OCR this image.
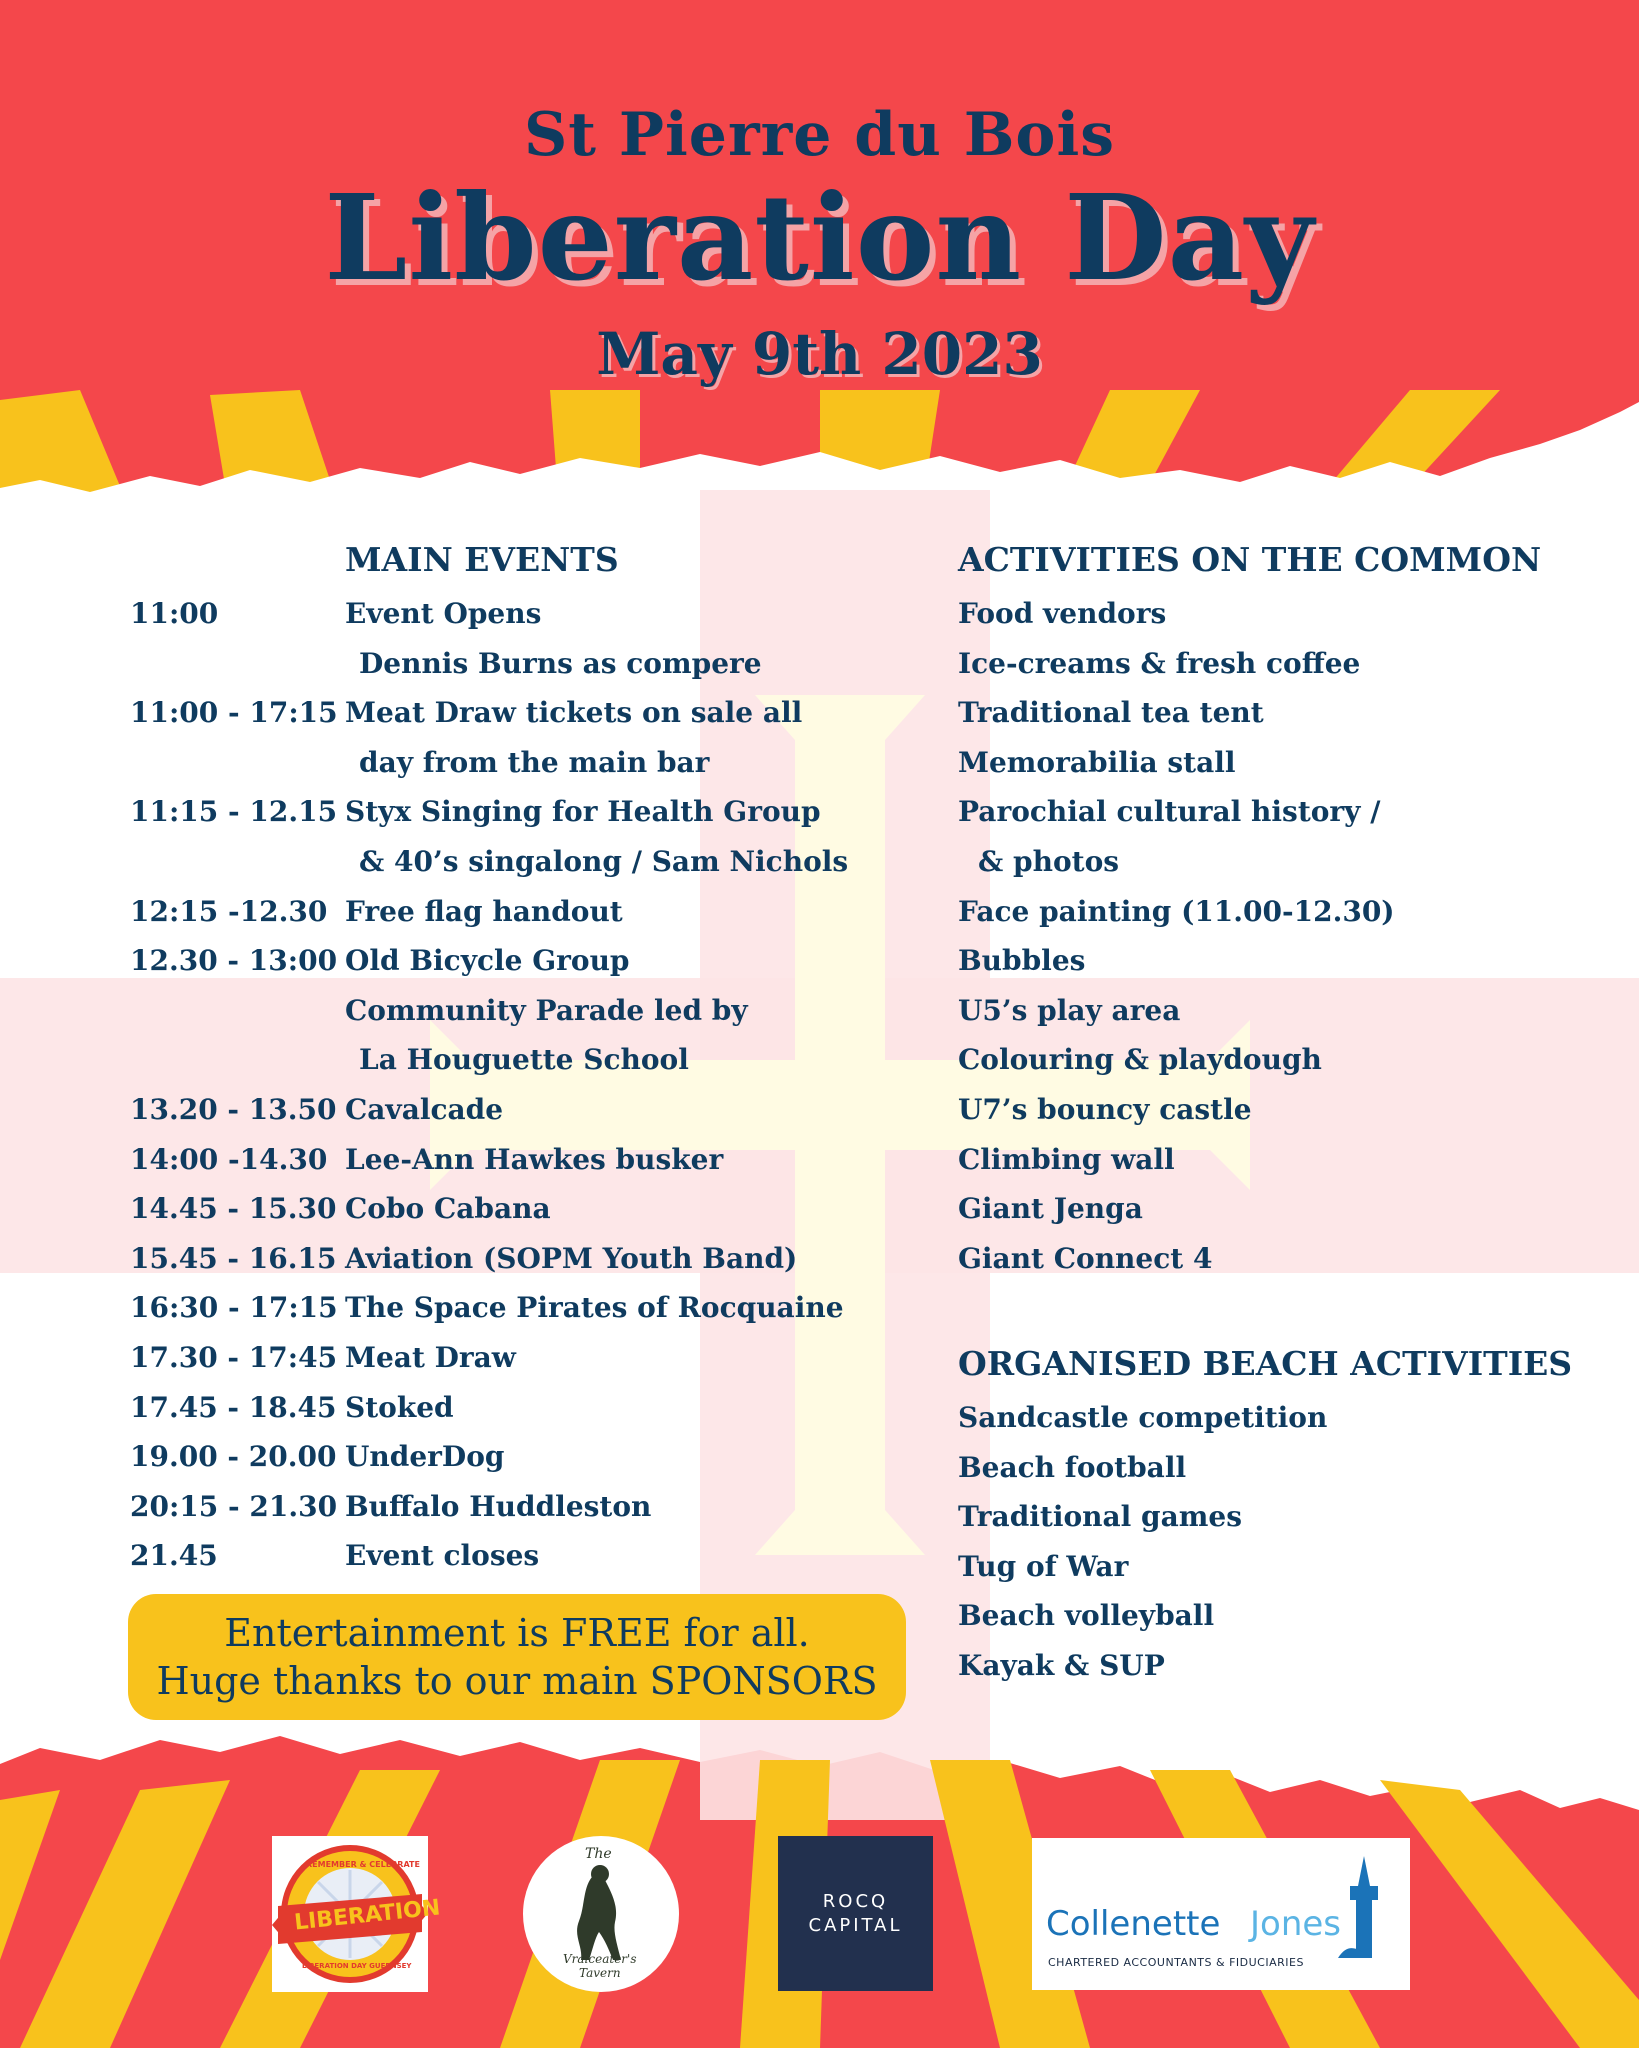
St Pierre du Bois
Liberation Day
May 9th 2023
MAIN EVENTS
11:00	Event Opens
Dennis Burns as compere
11:00 - 17:15 Meat Draw tickets on sale all
day from the main bar
11:15 - 12.15 Styx Singing for Health Group
& 40’s singalong / Sam Nichols
12:15 -12.30 Free flag handout
12.30 - 13:00 Old Bicycle Group
Community Parade led by
La Houguette School
13.20 - 13.50 Cavalcade
14:00 -14.30 Lee-Ann Hawkes busker
14.45 - 15.30 Cobo Cabana
15.45 - 16.15 Aviation (SOPM Youth Band)
16:30 - 17:15 The Space Pirates of Rocquaine
17.30 - 17:45 Meat Draw
17.45 - 18.45 Stoked
19.00 - 20.00 UnderDog
20:15 - 21.30 Buffalo Huddleston
21.45	Event closes
ACTIVITIES ON THE COMMON
Food vendors
Ice-creams & fresh coffee
Traditional tea tent
Memorabilia stall
Parochial cultural history /
& photos
Face painting (11.00-12.30)
Bubbles
U5’s play area
Colouring & playdough
U7’s bouncy castle
Climbing wall
Giant Jenga
Giant Connect 4
ORGANISED BEACH ACTIVITIES
Sandcastle competition
Beach football
Traditional games
Tug of War
Beach volleyball
Kayak & SUP
Entertainment is FREE for all.
Huge thanks to our main SPONSORS
REMEMBER & CELEBRATE
LIBERATION
LIBERATION DAY GUERNSEY
The
Vraiceater's
Tavern
ROCQ
CAPITAL	Collenette Jones
CHARTERED ACCOUNTANTS & FIDUCIARIES
